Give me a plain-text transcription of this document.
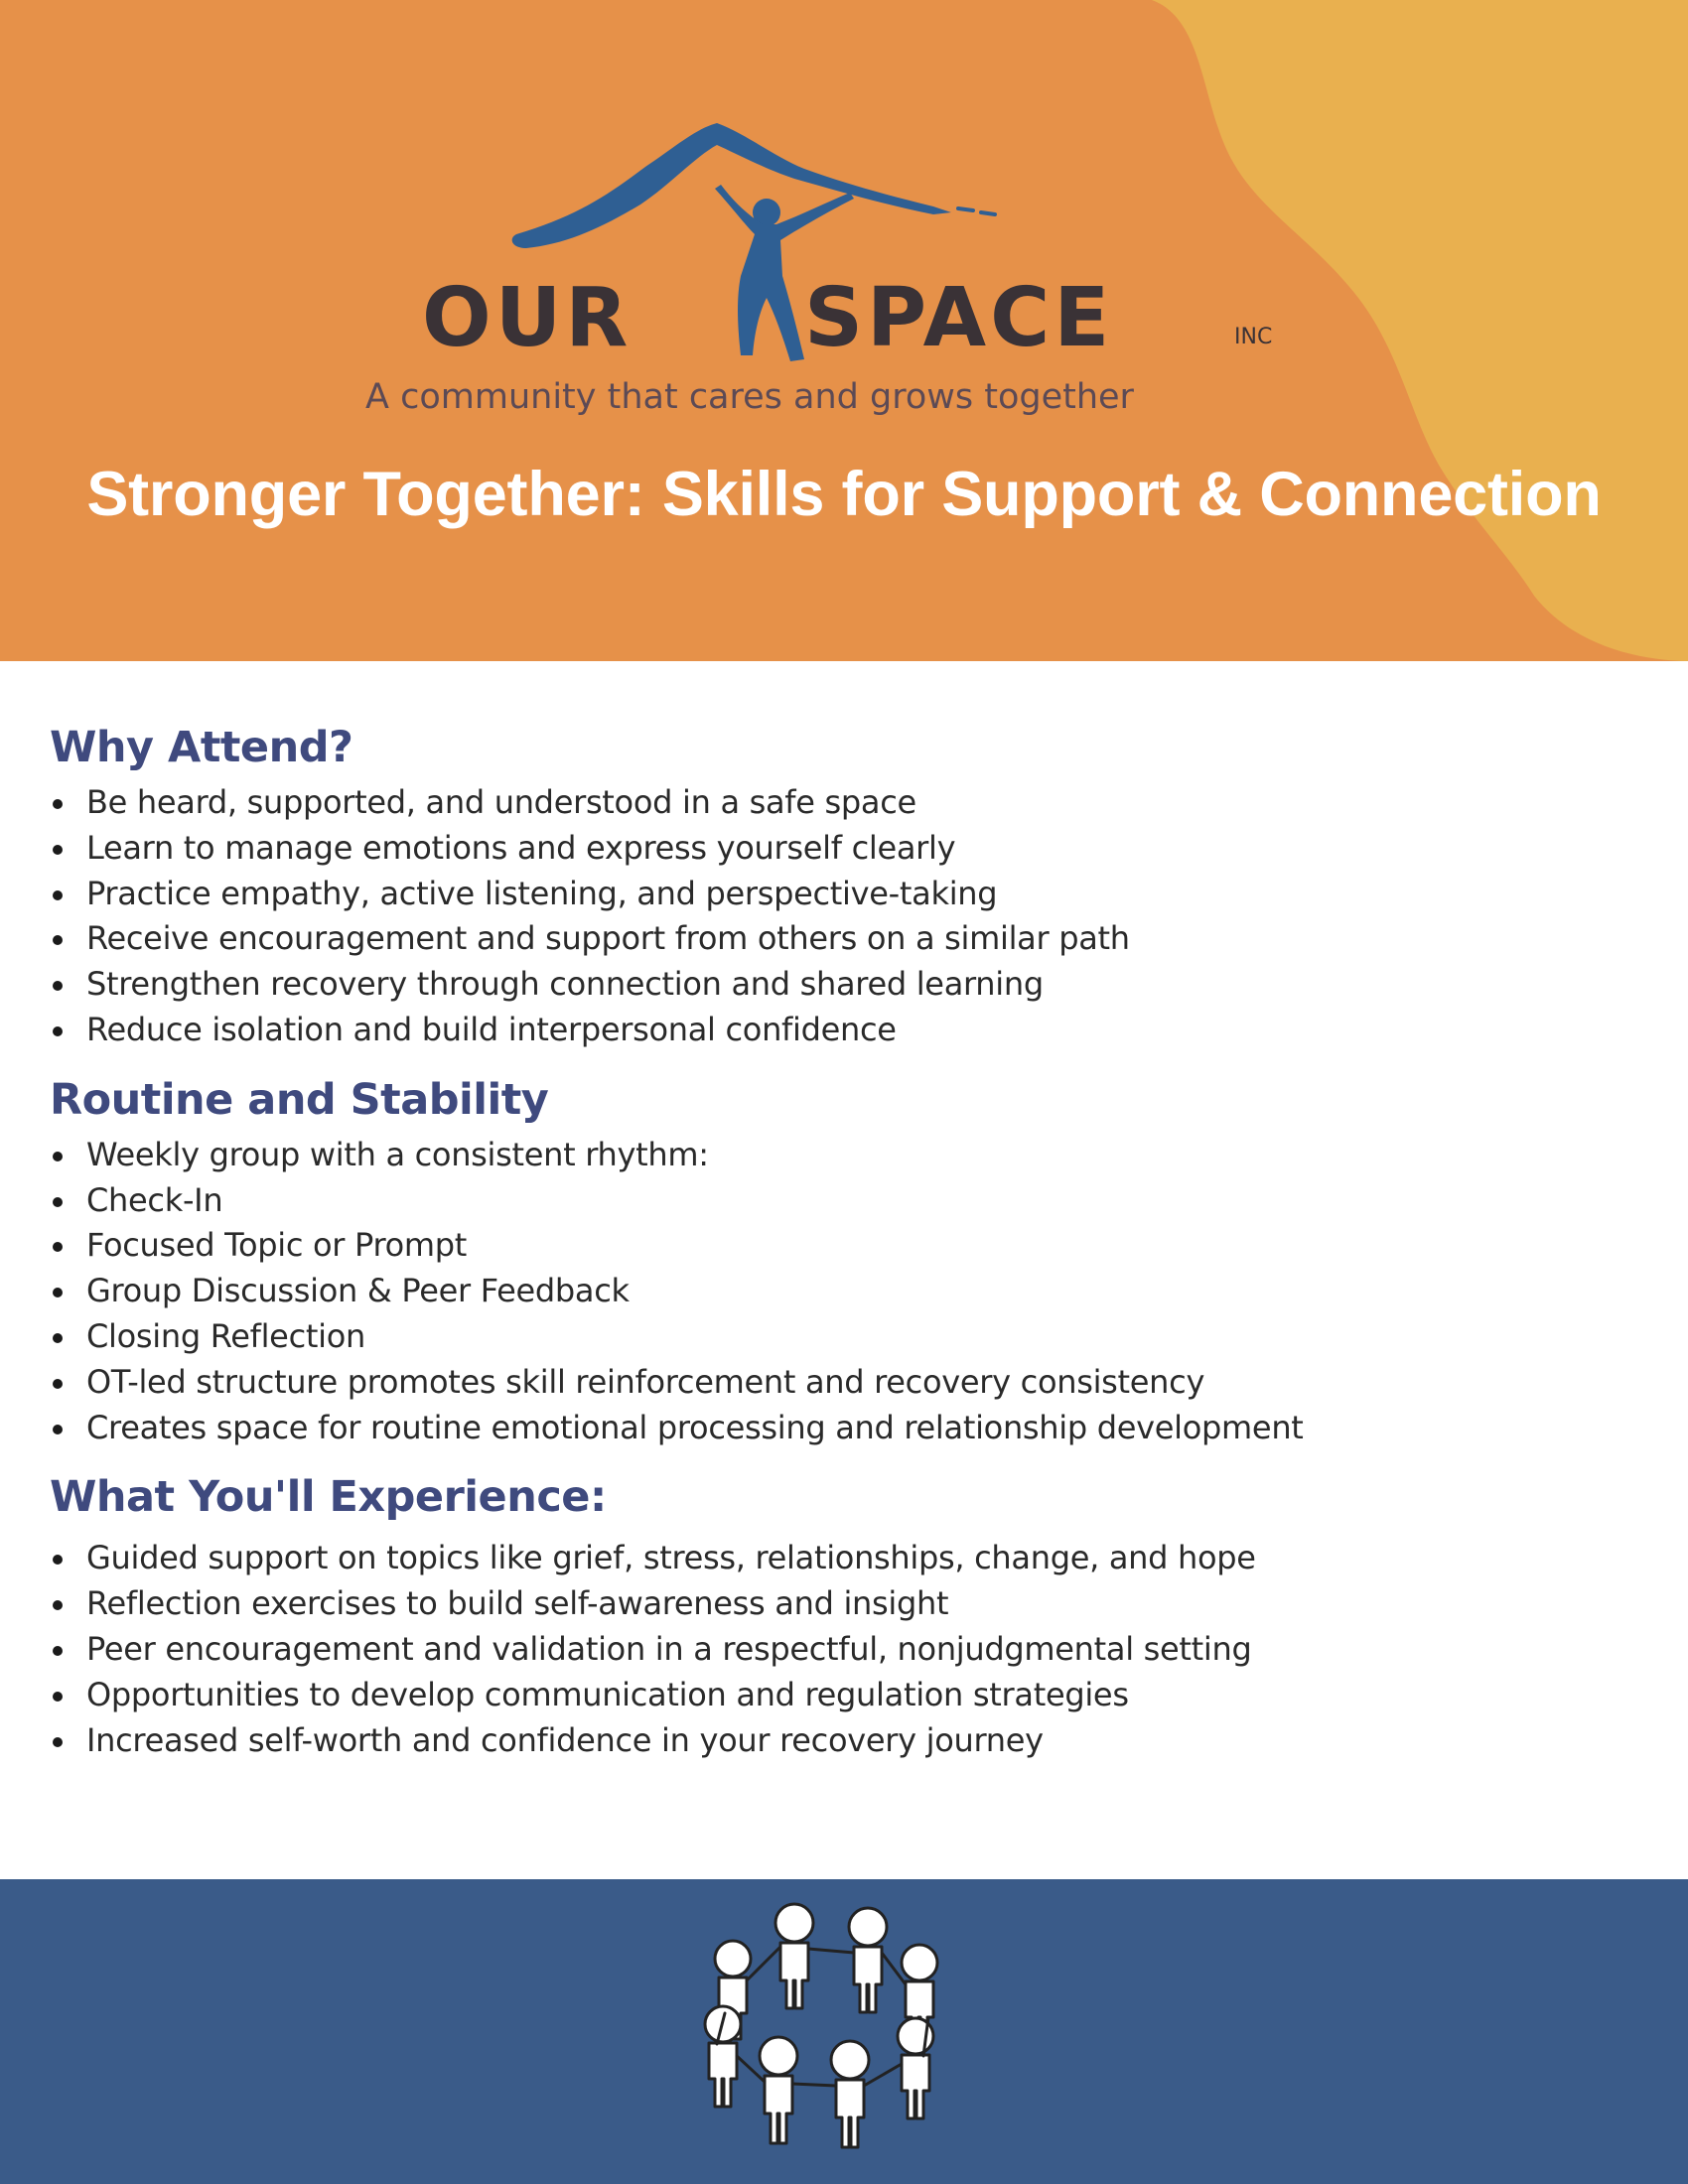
OUR SPACE	INC
A community that cares and grows together
Stronger Together: Skills for Support & Connection
Why Attend?
Be heard, supported, and understood in a safe space
Learn to manage emotions and express yourself clearly
Practice empathy, active listening, and perspective-taking
Receive encouragement and support from others on a similar path
Strengthen recovery through connection and shared learning
Reduce isolation and build interpersonal confidence
Routine and Stability
Weekly group with a consistent rhythm:
Check-In
Focused Topic or Prompt
Group Discussion & Peer Feedback
Closing Reflection
OT-led structure promotes skill reinforcement and recovery consistency
Creates space for routine emotional processing and relationship development
What You'll Experience:
Guided support on topics like grief, stress, relationships, change, and hope
Reflection exercises to build self-awareness and insight
Peer encouragement and validation in a respectful, nonjudgmental setting
Opportunities to develop communication and regulation strategies
Increased self-worth and confidence in your recovery journey
